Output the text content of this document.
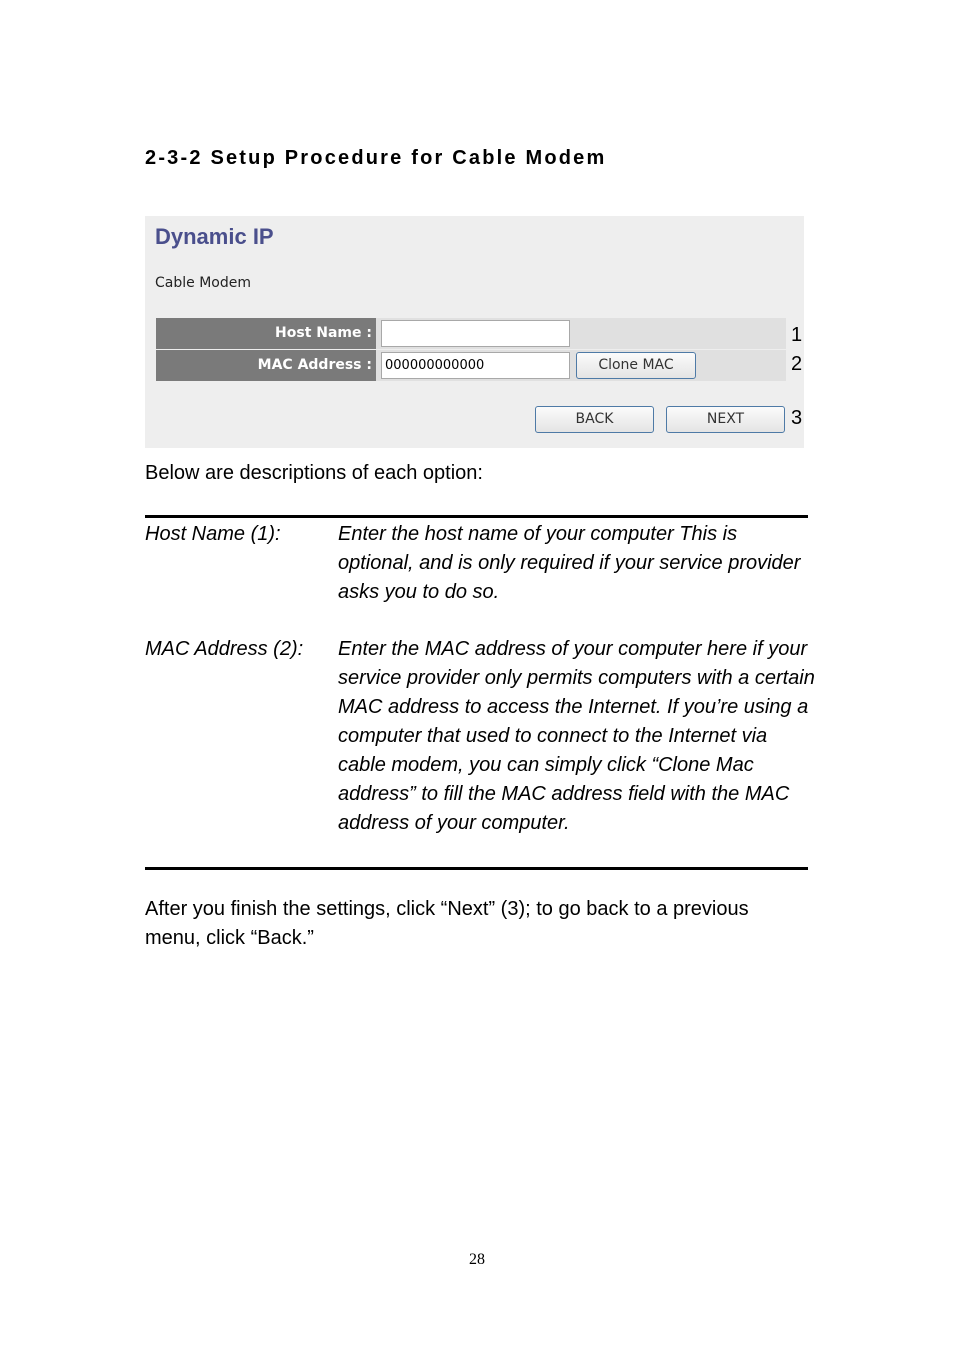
2-3-2 Setup Procedure for Cable Modem
Dynamic IP
Cable Modem
Host Name :
MAC Address :	000000000000	Clone MAC
BACK	NEXT
1
2
3
Below are descriptions of each option:
Host Name (1):	Enter the host name of your computer This is optional, and is only required if your service provider asks you to do so.
MAC Address (2): Enter the MAC address of your computer here if your service provider only permits computers with a certain MAC address to access the Internet. If you’re using a computer that used to connect to the Internet via cable modem, you can simply click “Clone Mac address” to fill the MAC address field with the MAC address of your computer.
After you finish the settings, click “Next” (3); to go back to a previous menu, click “Back.”
28
